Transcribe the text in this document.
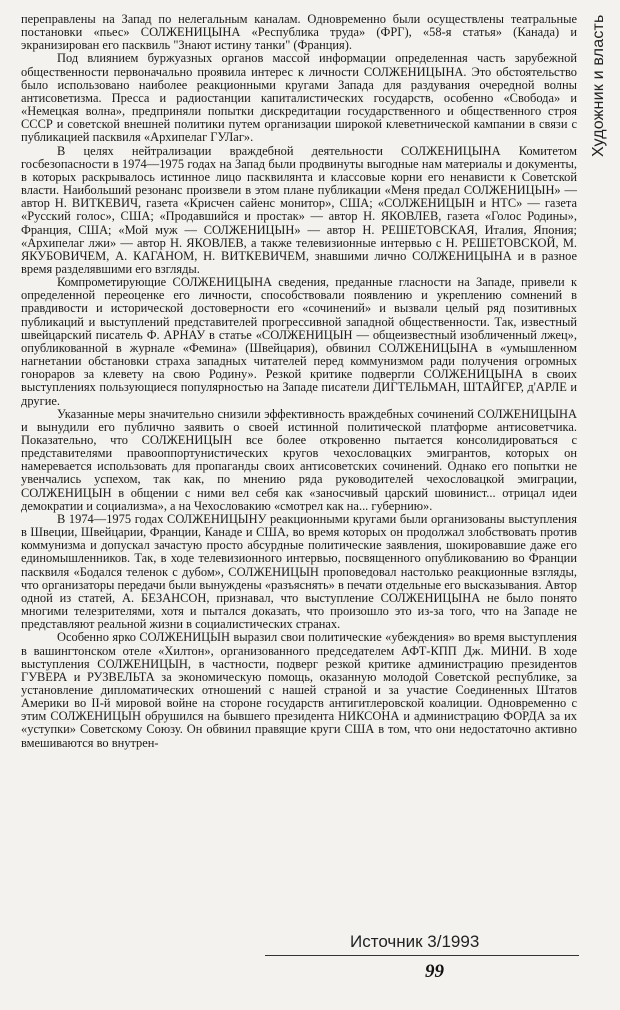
Художник и власть

переправлены на Запад по нелегальным каналам. Одновременно были осуществлены театральные постановки «пьес» СОЛЖЕНИЦЫНА «Республика труда» (ФРГ), «58-я статья» (Канада) и экранизирован его пасквиль "Знают истину танки" (Франция).

Под влиянием буржуазных органов массой информации определенная часть зарубежной общественности первоначально проявила интерес к личности СОЛЖЕНИЦЫНА. Это обстоятельство было использовано наиболее реакционными кругами Запада для раздувания очередной волны антисоветизма. Пресса и радиостанции капиталистических государств, особенно «Свобода» и «Немецкая волна», предприняли попытки дискредитации государственного и общественного строя СССР и советской внешней политики путем организации широкой клеветнической кампании в связи с публикацией пасквиля «Архипелаг ГУЛаг».

В целях нейтрализации враждебной деятельности СОЛЖЕНИЦЫНА Комитетом госбезопасности в 1974—1975 годах на Запад были продвинуты выгодные нам материалы и документы, в которых раскрывалось истинное лицо пасквилянта и классовые корни его ненависти к Советской власти. Наибольший резонанс произвели в этом плане публикации «Меня предал СОЛЖЕНИЦЫН» — автор Н. ВИТКЕВИЧ, газета «Крисчен сайенс монитор», США; «СОЛЖЕНИЦЫН и НТС» — газета «Русский голос», США; «Продавшийся и простак» — автор Н. ЯКОВЛЕВ, газета «Голос Родины», Франция, США; «Мой муж — СОЛЖЕНИЦЫН» — автор Н. РЕШЕТОВСКАЯ, Италия, Япония; «Архипелаг лжи» — автор Н. ЯКОВЛЕВ, а также телевизионные интервью с Н. РЕШЕТОВСКОЙ, М. ЯКУБОВИЧЕМ, А. КАГАНОМ, Н. ВИТКЕВИЧЕМ, знавшими лично СОЛЖЕНИЦЫНА и в разное время разделявшими его взгляды.

Компрометирующие СОЛЖЕНИЦЫНА сведения, преданные гласности на Западе, привели к определенной переоценке его личности, способствовали появлению и укреплению сомнений в правдивости и исторической достоверности его «сочинений» и вызвали целый ряд позитивных публикаций и выступлений представителей прогрессивной западной общественности. Так, известный швейцарский писатель Ф. АРНАУ в статье «СОЛЖЕНИЦЫН — общеизвестный изобличенный лжец», опубликованной в журнале «Фемина» (Швейцария), обвинил СОЛЖЕНИЦЫНА в «умышленном нагнетании обстановки страха западных читателей перед коммунизмом ради получения огромных гонораров за клевету на свою Родину». Резкой критике подвергли СОЛЖЕНИЦЫНА в своих выступлениях пользующиеся популярностью на Западе писатели ДИГТЕЛЬМАН, ШТАЙГЕР, д'АРЛЕ и другие.

Указанные меры значительно снизили эффективность враждебных сочинений СОЛЖЕНИЦЫНА и вынудили его публично заявить о своей истинной политической платформе антисоветчика. Показательно, что СОЛЖЕНИЦЫН все более откровенно пытается консолидироваться с представителями правооппортунистических кругов чехословацких эмигрантов, которых он намеревается использовать для пропаганды своих антисоветских сочинений. Однако его попытки не увенчались успехом, так как, по мнению ряда руководителей чехословацкой эмиграции, СОЛЖЕНИЦЫН в общении с ними вел себя как «заносчивый царский шовинист... отрицал идеи демократии и социализма», а на Чехословакию «смотрел как на... губернию».

В 1974—1975 годах СОЛЖЕНИЦЫНУ реакционными кругами были организованы выступления в Швеции, Швейцарии, Франции, Канаде и США, во время которых он продолжал злобствовать против коммунизма и допускал зачастую просто абсурдные политические заявления, шокировавшие даже его единомышленников. Так, в ходе телевизионного интервью, посвященного опубликованию во Франции пасквиля «Бодался теленок с дубом», СОЛЖЕНИЦЫН проповедовал настолько реакционные взгляды, что организаторы передачи были вынуждены «разъяснять» в печати отдельные его высказывания. Автор одной из статей, А. БЕЗАНСОН, признавал, что выступление СОЛЖЕНИЦЫНА не было понято многими телезрителями, хотя и пытался доказать, что произошло это из-за того, что на Западе не представляют реальной жизни в социалистических странах.

Особенно ярко СОЛЖЕНИЦЫН выразил свои политические «убеждения» во время выступления в вашингтонском отеле «Хилтон», организованного председателем АФТ-КПП Дж. МИНИ. В ходе выступления СОЛЖЕНИЦЫН, в частности, подверг резкой критике администрацию президентов ГУВЕРА и РУЗВЕЛЬТА за экономическую помощь, оказанную молодой Советской республике, за установление дипломатических отношений с нашей страной и за участие Соединенных Штатов Америки во II-й мировой войне на стороне государств антигитлеровской коалиции. Одновременно с этим СОЛЖЕНИЦЫН обрушился на бывшего президента НИКСОНА и администрацию ФОРДА за их «уступки» Советскому Союзу. Он обвинил правящие круги США в том, что они недостаточно активно вмешиваются во внутрен-

Источник 3/1993
99
